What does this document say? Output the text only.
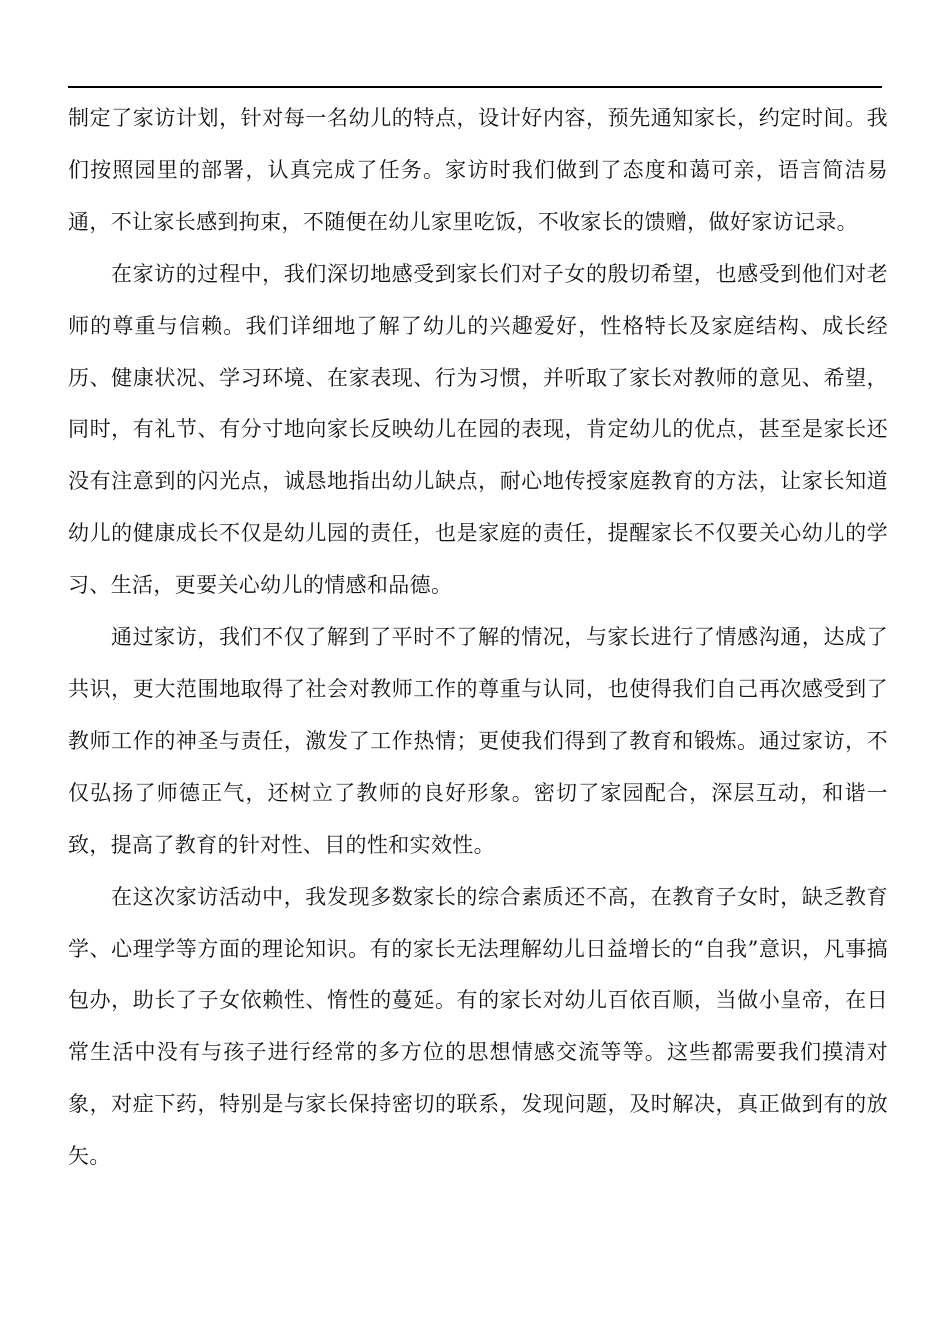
制定了家访计划，针对每一名幼儿的特点，设计好内容，预先通知家长，约定时间。我们按照园里的部署，认真完成了任务。家访时我们做到了态度和蔼可亲，语言简洁易通，不让家长感到拘束，不随便在幼儿家里吃饭，不收家长的馈赠，做好家访记录。

在家访的过程中，我们深切地感受到家长们对子女的殷切希望，也感受到他们对老师的尊重与信赖。我们详细地了解了幼儿的兴趣爱好，性格特长及家庭结构、成长经历、健康状况、学习环境、在家表现、行为习惯，并听取了家长对教师的意见、希望，同时，有礼节、有分寸地向家长反映幼儿在园的表现，肯定幼儿的优点，甚至是家长还没有注意到的闪光点，诚恳地指出幼儿缺点，耐心地传授家庭教育的方法，让家长知道幼儿的健康成长不仅是幼儿园的责任，也是家庭的责任，提醒家长不仅要关心幼儿的学习、生活，更要关心幼儿的情感和品德。

通过家访，我们不仅了解到了平时不了解的情况，与家长进行了情感沟通，达成了共识，更大范围地取得了社会对教师工作的尊重与认同，也使得我们自己再次感受到了教师工作的神圣与责任，激发了工作热情；更使我们得到了教育和锻炼。通过家访，不仅弘扬了师德正气，还树立了教师的良好形象。密切了家园配合，深层互动，和谐一致，提高了教育的针对性、目的性和实效性。

在这次家访活动中，我发现多数家长的综合素质还不高，在教育子女时，缺乏教育学、心理学等方面的理论知识。有的家长无法理解幼儿日益增长的“自我”意识，凡事搞包办，助长了子女依赖性、惰性的蔓延。有的家长对幼儿百依百顺，当做小皇帝，在日常生活中没有与孩子进行经常的多方位的思想情感交流等等。这些都需要我们摸清对象，对症下药，特别是与家长保持密切的联系，发现问题，及时解决，真正做到有的放矢。
